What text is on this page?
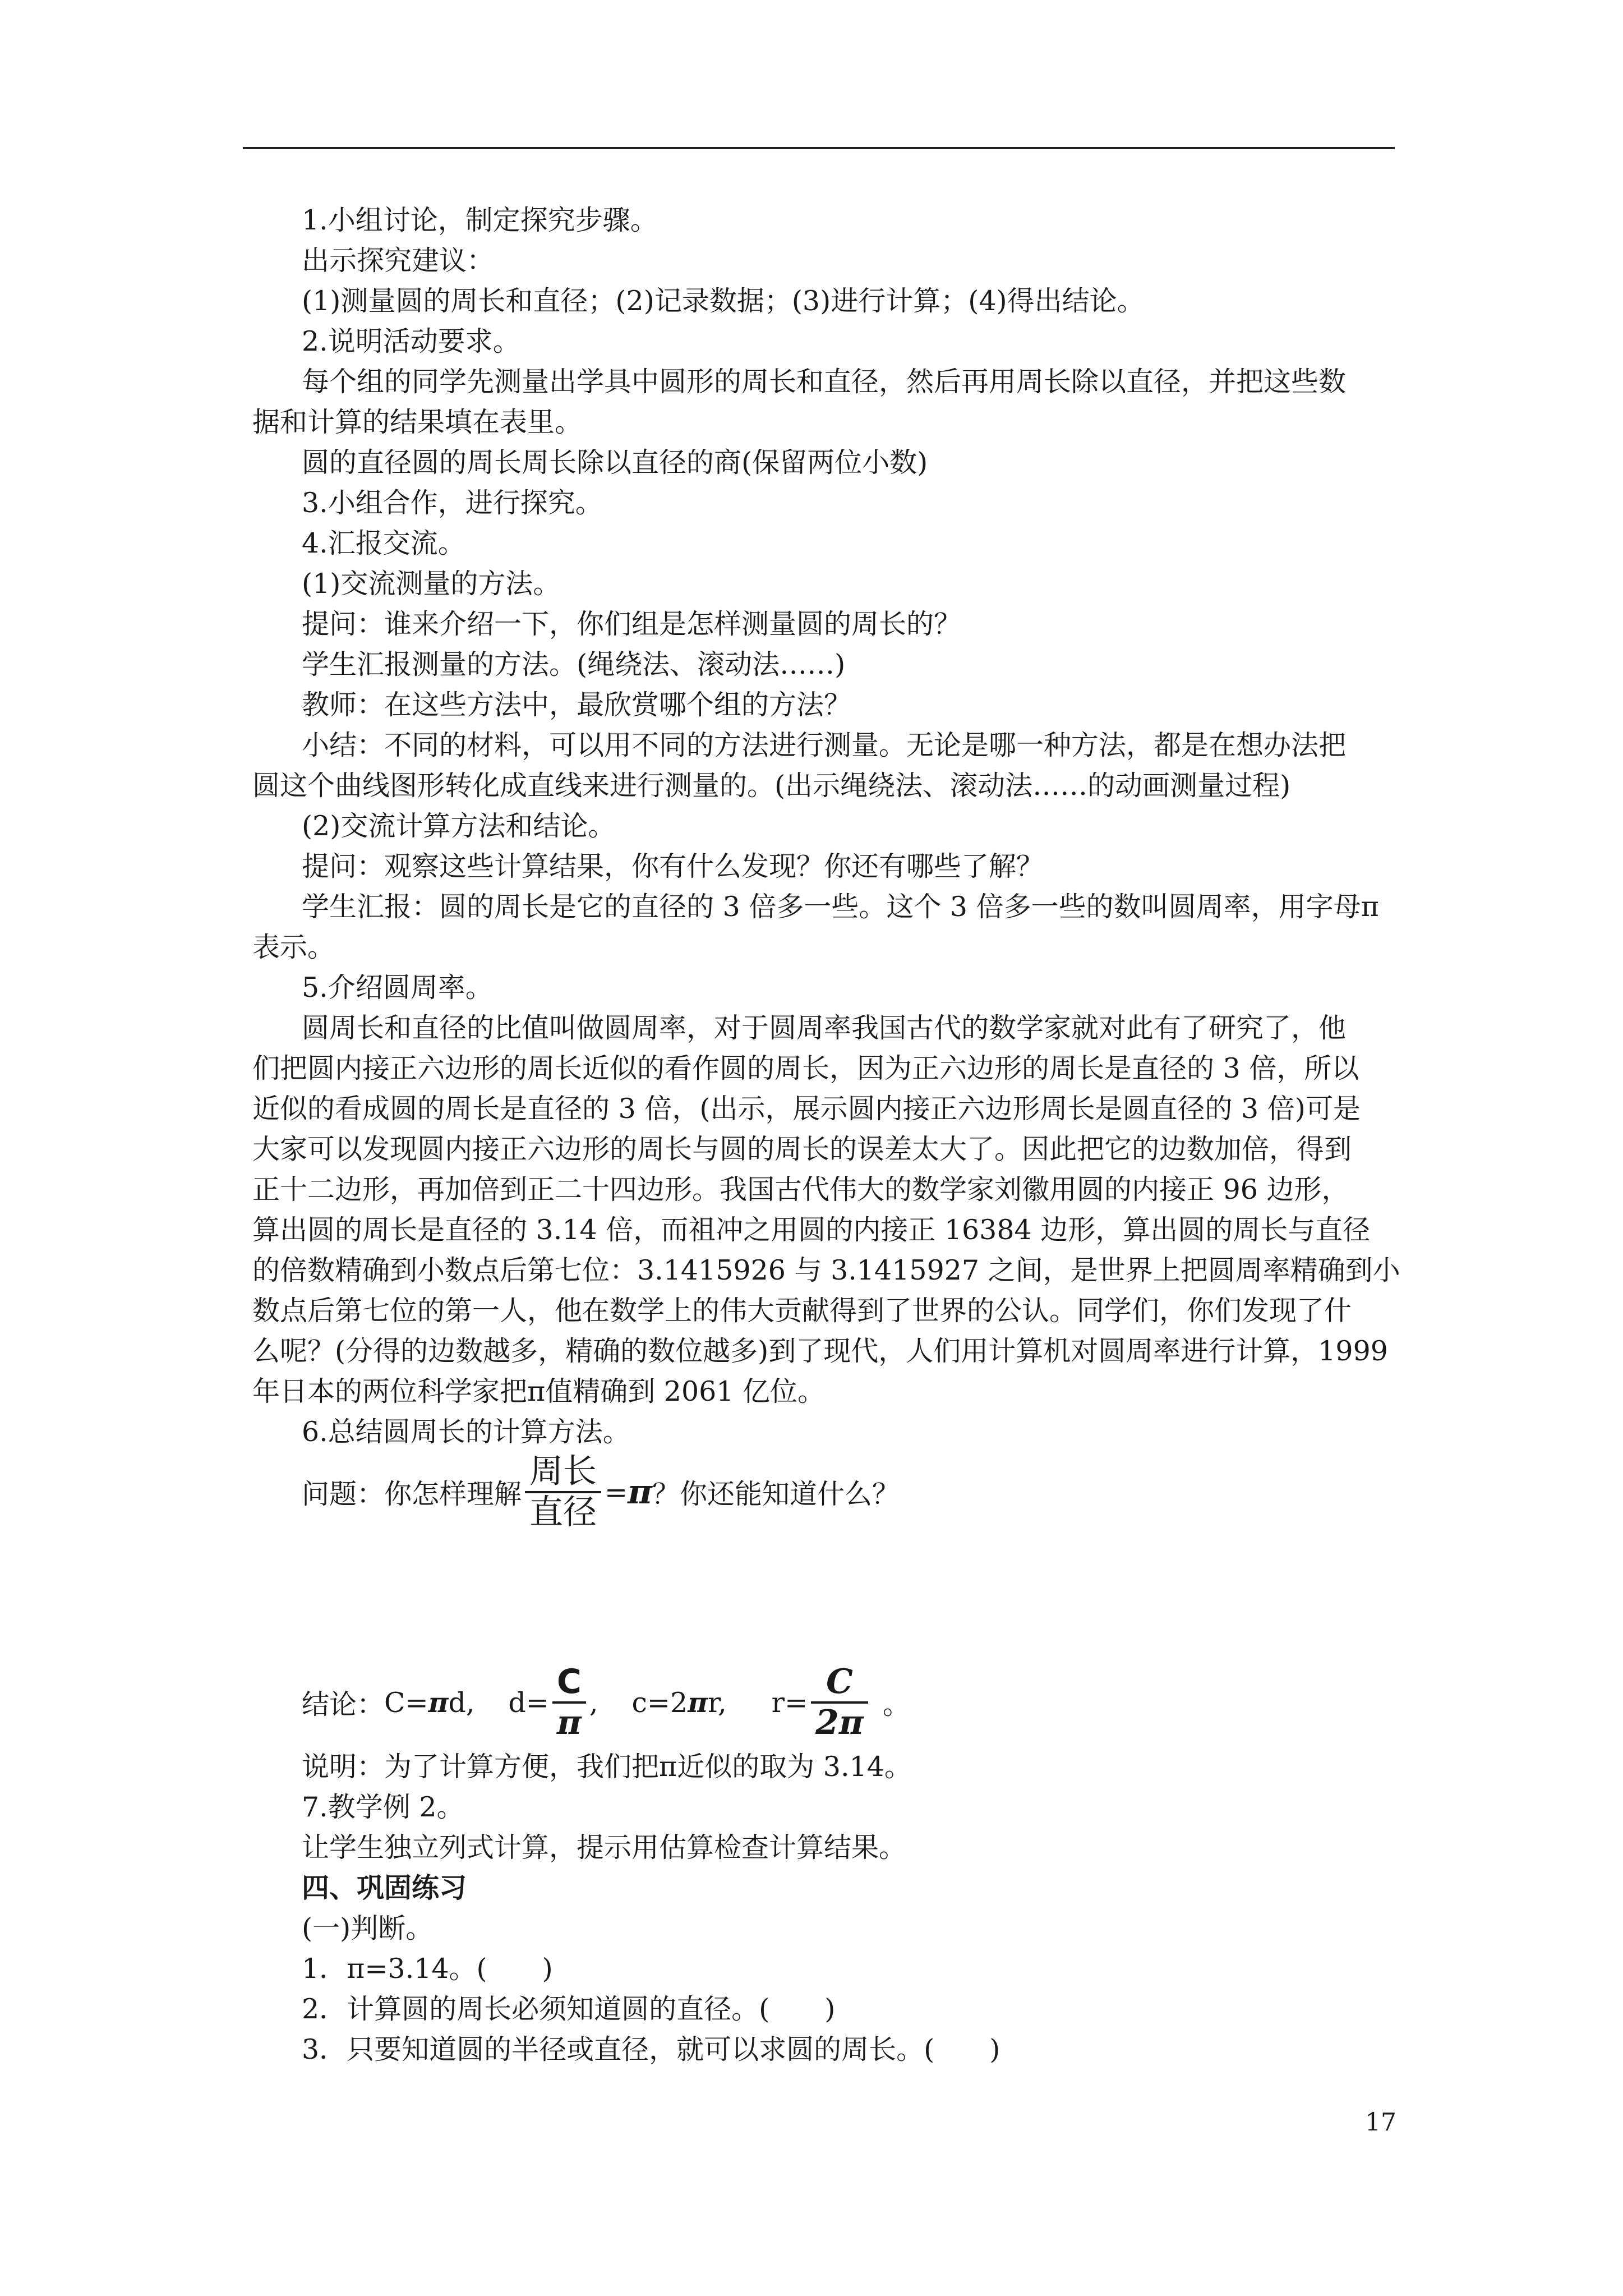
1.小组讨论，制定探究步骤。
出示探究建议：
(1)测量圆的周长和直径；(2)记录数据；(3)进行计算；(4)得出结论。
2.说明活动要求。
每个组的同学先测量出学具中圆形的周长和直径，然后再用周长除以直径，并把这些数
据和计算的结果填在表里。
圆的直径圆的周长周长除以直径的商(保留两位小数)
3.小组合作，进行探究。
4.汇报交流。
(1)交流测量的方法。
提问：谁来介绍一下，你们组是怎样测量圆的周长的？
学生汇报测量的方法。(绳绕法、滚动法……)
教师：在这些方法中，最欣赏哪个组的方法？
小结：不同的材料，可以用不同的方法进行测量。无论是哪一种方法，都是在想办法把
圆这个曲线图形转化成直线来进行测量的。(出示绳绕法、滚动法……的动画测量过程)
(2)交流计算方法和结论。
提问：观察这些计算结果，你有什么发现？你还有哪些了解？
学生汇报：圆的周长是它的直径的 3 倍多一些。这个 3 倍多一些的数叫圆周率，用字母π
表示。
5.介绍圆周率。
圆周长和直径的比值叫做圆周率，对于圆周率我国古代的数学家就对此有了研究了，他
们把圆内接正六边形的周长近似的看作圆的周长，因为正六边形的周长是直径的 3 倍，所以
近似的看成圆的周长是直径的 3 倍，(出示，展示圆内接正六边形周长是圆直径的 3 倍)可是
大家可以发现圆内接正六边形的周长与圆的周长的误差太大了。因此把它的边数加倍，得到
正十二边形，再加倍到正二十四边形。我国古代伟大的数学家刘徽用圆的内接正 96 边形，
算出圆的周长是直径的 3.14 倍，而祖冲之用圆的内接正 16384 边形，算出圆的周长与直径
的倍数精确到小数点后第七位：3.1415926 与 3.1415927 之间，是世界上把圆周率精确到小
数点后第七位的第一人，他在数学上的伟大贡献得到了世界的公认。同学们，你们发现了什
么呢？(分得的边数越多，精确的数位越多)到了现代，人们用计算机对圆周率进行计算，1999
年日本的两位科学家把π值精确到 2061 亿位。
6.总结圆周长的计算方法。
问题：你怎样理解 $\frac{\text{周长}}{\text{直径}} = \pi$ ？你还能知道什么？
结论： C= π d, $d= \frac{C}{\pi}$ , c=2 π r, $r= \frac{C}{2\pi}$ 。
说明：为了计算方便，我们把π近似的取为 3.14。
7.教学例 2。
让学生独立列式计算，提示用估算检查计算结果。
四、巩固练习
(一)判断。
1．π=3.14。(　　)
2．计算圆的周长必须知道圆的直径。(　　)
3．只要知道圆的半径或直径，就可以求圆的周长。(　　)
17
